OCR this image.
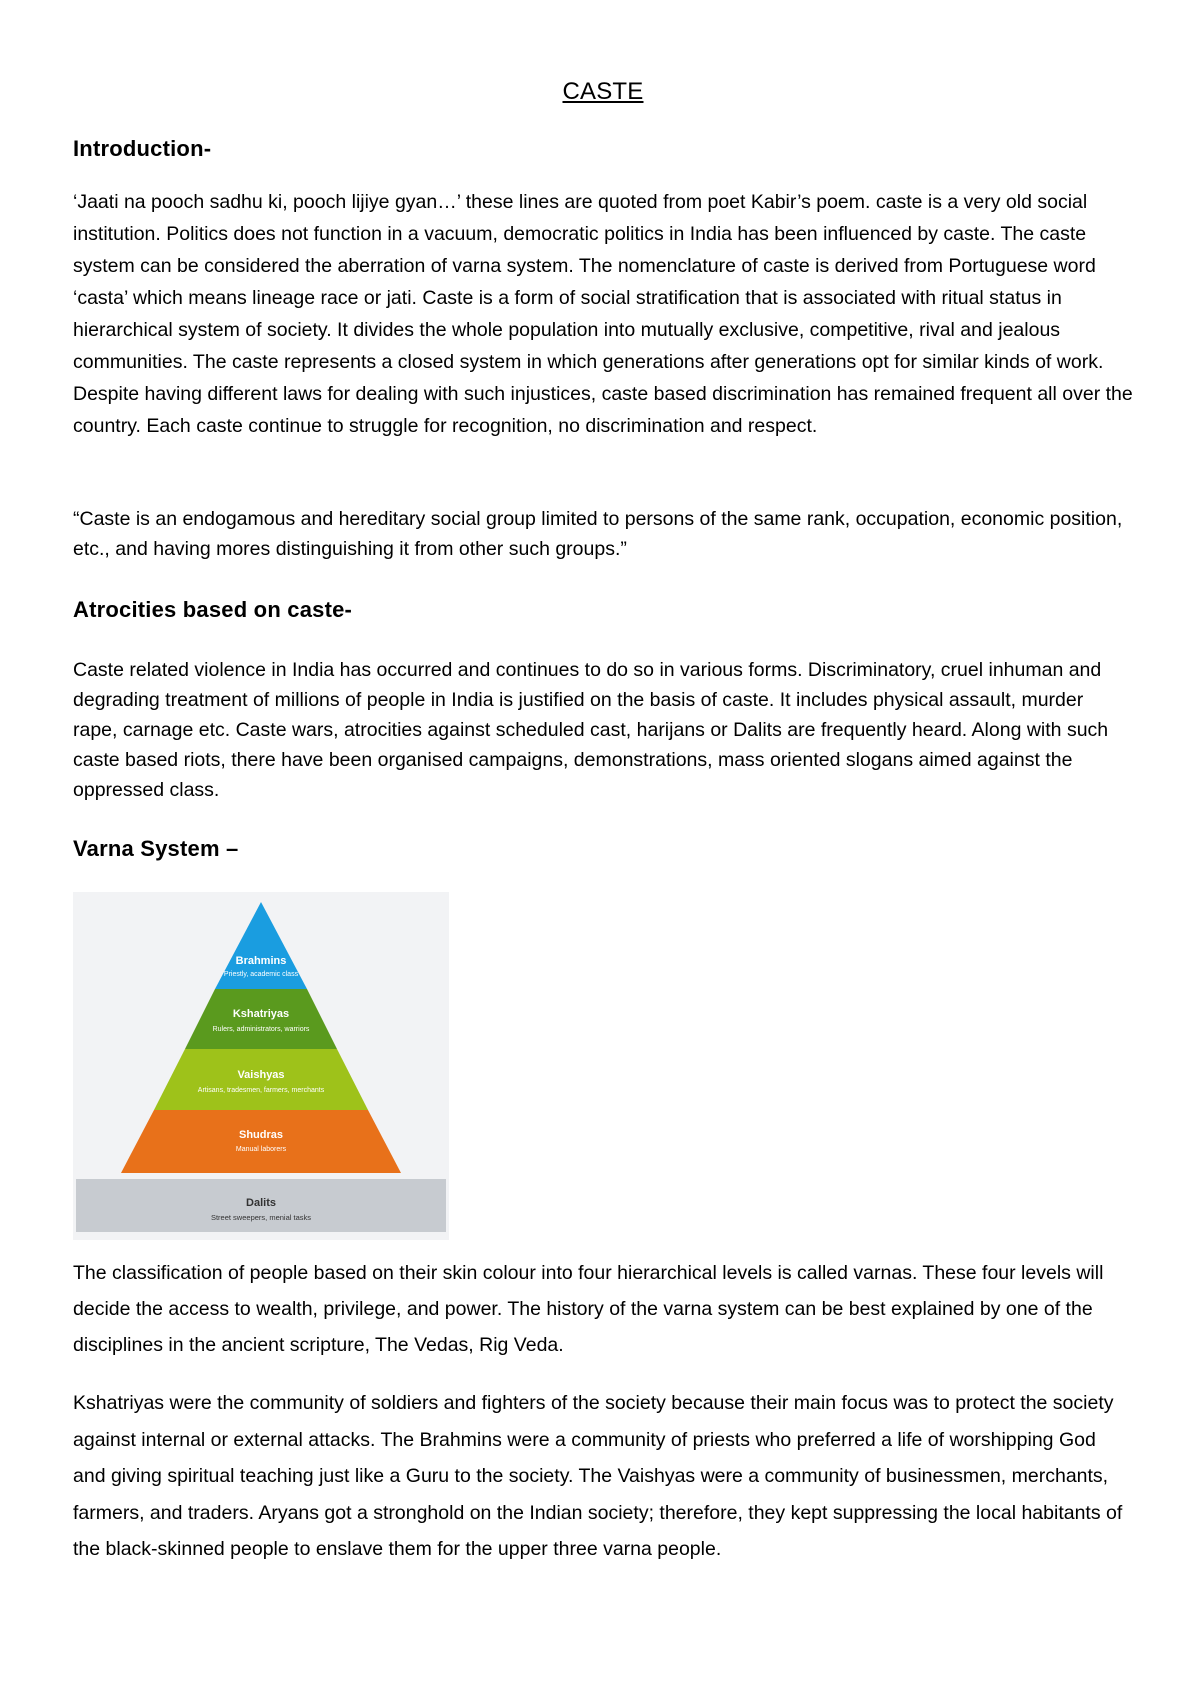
CASTE
Introduction-

‘Jaati na pooch sadhu ki, pooch lijiye gyan…’ these lines are quoted from poet Kabir’s poem. caste is a very old social institution. Politics does not function in a vacuum, democratic politics in India has been influenced by caste. The caste system can be considered the aberration of varna system. The nomenclature of caste is derived from Portuguese word ‘casta’ which means lineage race or jati. Caste is a form of social stratification that is associated with ritual status in hierarchical system of society. It divides the whole population into mutually exclusive, competitive, rival and jealous communities. The caste represents a closed system in which generations after generations opt for similar kinds of work. Despite having different laws for dealing with such injustices, caste based discrimination has remained frequent all over the country. Each caste continue to struggle for recognition, no discrimination and respect.

“Caste is an endogamous and hereditary social group limited to persons of the same rank, occupation, economic position, etc., and having mores distinguishing it from other such groups.”

Atrocities based on caste-

Caste related violence in India has occurred and continues to do so in various forms. Discriminatory, cruel inhuman and degrading treatment of millions of people in India is justified on the basis of caste. It includes physical assault, murder rape, carnage etc. Caste wars, atrocities against scheduled cast, harijans or Dalits are frequently heard. Along with such caste based riots, there have been organised campaigns, demonstrations, mass oriented slogans aimed against the oppressed class.

Varna System –
Brahmins
Priestly, academic class
Kshatriyas
Rulers, administrators, warriors
Vaishyas
Artisans, tradesmen, farmers, merchants
Shudras
Manual laborers
Dalits
Street sweepers, menial tasks

The classification of people based on their skin colour into four hierarchical levels is called varnas. These four levels will decide the access to wealth, privilege, and power. The history of the varna system can be best explained by one of the disciplines in the ancient scripture, The Vedas, Rig Veda.

Kshatriyas were the community of soldiers and fighters of the society because their main focus was to protect the society against internal or external attacks. The Brahmins were a community of priests who preferred a life of worshipping God and giving spiritual teaching just like a Guru to the society. The Vaishyas were a community of businessmen, merchants, farmers, and traders. Aryans got a stronghold on the Indian society; therefore, they kept suppressing the local habitants of the black-skinned people to enslave them for the upper three varna people.
